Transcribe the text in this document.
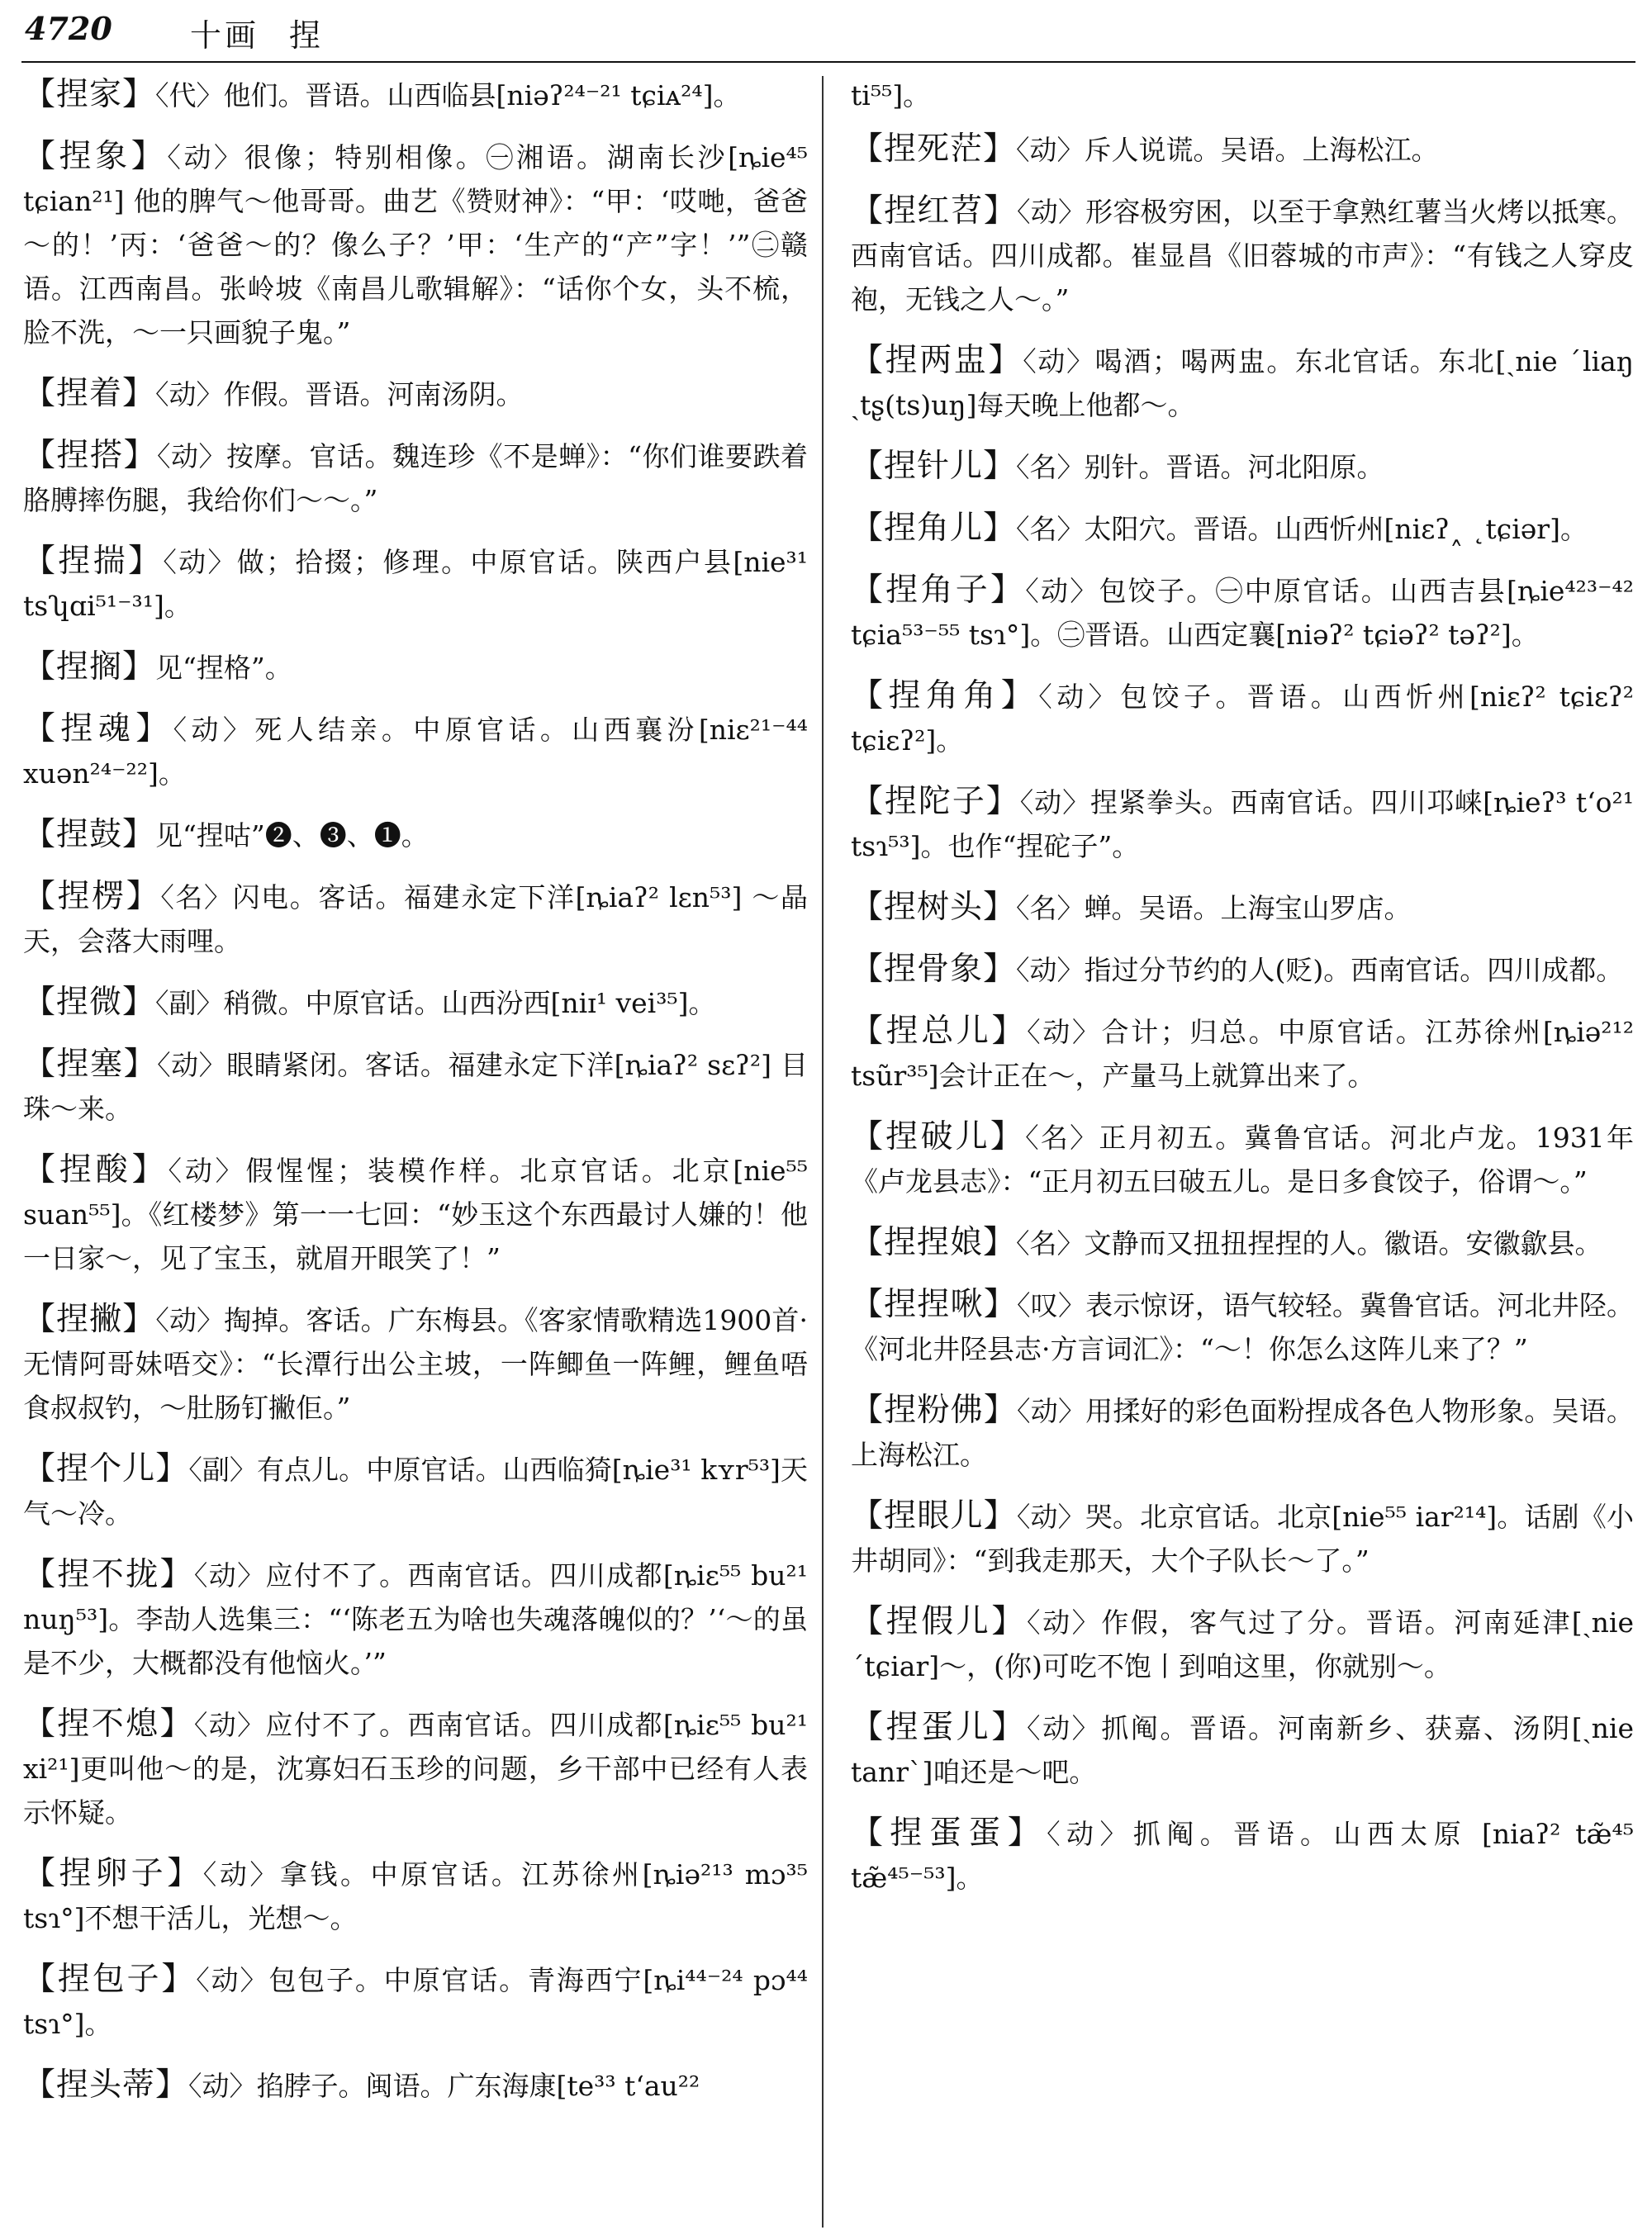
4720 十画 捏

【捏家】〈代〉他们。晋语。山西临县[niəʔ²⁴⁻²¹ tɕiᴀ²⁴]。

【捏象】〈动〉很像；特别相像。㊀湘语。湖南长沙[ȵie⁴⁵ tɕian²¹] 他的脾气～他哥哥。曲艺《赞财神》：“甲：‘哎哋，爸爸～的！’丙：‘爸爸～的？像么子？’甲：‘生产的“产”字！’”㊁赣语。江西南昌。张岭坡《南昌儿歌辑解》：“话你个女，头不梳，脸不洗，～一只画貌子鬼。”

【捏着】〈动〉作假。晋语。河南汤阴。

【捏搭】〈动〉按摩。官话。魏连珍《不是蝉》：“你们谁要跌着胳膊摔伤腿，我给你们～～。”

【捏揣】〈动〉做；拾掇；修理。中原官话。陕西户县[nie³¹ tsʮɑi⁵¹⁻³¹]。

【捏搁】见“捏格”。

【捏魂】〈动〉死人结亲。中原官话。山西襄汾[niɛ²¹⁻⁴⁴ xuən²⁴⁻²²]。

【捏鼓】见“捏咕”❷、❸、❶。

【捏楞】〈名〉闪电。客话。福建永定下洋[ȵiaʔ² lɛn⁵³] ～晶天，会落大雨哩。

【捏微】〈副〉稍微。中原官话。山西汾西[niɪ¹ vei³⁵]。

【捏塞】〈动〉眼睛紧闭。客话。福建永定下洋[ȵiaʔ² sɛʔ²] 目珠～来。

【捏酸】〈动〉假惺惺；装模作样。北京官话。北京[nie⁵⁵ suan⁵⁵]。《红楼梦》第一一七回：“妙玉这个东西最讨人嫌的！他一日家～，见了宝玉，就眉开眼笑了！”

【捏撇】〈动〉掏掉。客话。广东梅县。《客家情歌精选1900首·无情阿哥妹唔交》：“长潭行出公主坡，一阵鲫鱼一阵鲤，鲤鱼唔食叔叔钓，～肚肠钉撇佢。”

【捏个儿】〈副〉有点儿。中原官话。山西临猗[ȵie³¹ kʏr⁵³]天气～冷。

【捏不拢】〈动〉应付不了。西南官话。四川成都[ȵiɛ⁵⁵ bu²¹ nuŋ⁵³]。李劼人选集三：“‘陈老五为啥也失魂落魄似的？’‘～的虽是不少，大概都没有他恼火。’”

【捏不熄】〈动〉应付不了。西南官话。四川成都[ȵiɛ⁵⁵ bu²¹ xi²¹]更叫他～的是，沈寡妇石玉珍的问题，乡干部中已经有人表示怀疑。

【捏卵子】〈动〉拿钱。中原官话。江苏徐州[ȵiə²¹³ mɔ³⁵ tsɿ°]不想干活儿，光想～。

【捏包子】〈动〉包包子。中原官话。青海西宁[ȵi⁴⁴⁻²⁴ pɔ⁴⁴ tsɿ°]。

【捏头蒂】〈动〉掐脖子。闽语。广东海康[te³³ t‘au²²

ti⁵⁵]。

【捏死茫】〈动〉斥人说谎。吴语。上海松江。

【捏红苕】〈动〉形容极穷困，以至于拿熟红薯当火烤以抵寒。西南官话。四川成都。崔显昌《旧蓉城的市声》：“有钱之人穿皮袍，无钱之人～。”

【捏两盅】〈动〉喝酒；喝两盅。东北官话。东北[ˏnie ˊliaŋ ˏtʂ(ts)uŋ]每天晚上他都～。

【捏针儿】〈名〉别针。晋语。河北阳原。

【捏角儿】〈名〉太阳穴。晋语。山西忻州[niɛʔ˰ ˛tɕiər]。

【捏角子】〈动〉包饺子。㊀中原官话。山西吉县[ȵie⁴²³⁻⁴² tɕia⁵³⁻⁵⁵ tsɿ°]。㊁晋语。山西定襄[niəʔ² tɕiəʔ² təʔ²]。

【捏角角】〈动〉包饺子。晋语。山西忻州[niɛʔ² tɕiɛʔ² tɕiɛʔ²]。

【捏陀子】〈动〉捏紧拳头。西南官话。四川邛崃[ȵieʔ³ t‘o²¹ tsɿ⁵³]。也作“捏砣子”。

【捏树头】〈名〉蝉。吴语。上海宝山罗店。

【捏骨象】〈动〉指过分节约的人(贬)。西南官话。四川成都。

【捏总儿】〈动〉合计；归总。中原官话。江苏徐州[ȵiə²¹² tsũr³⁵]会计正在～，产量马上就算出来了。

【捏破儿】〈名〉正月初五。冀鲁官话。河北卢龙。1931年《卢龙县志》：“正月初五曰破五儿。是日多食饺子，俗谓～。”

【捏捏娘】〈名〉文静而又扭扭捏捏的人。徽语。安徽歙县。

【捏捏啾】〈叹〉表示惊讶，语气较轻。冀鲁官话。河北井陉。《河北井陉县志·方言词汇》：“～！你怎么这阵儿来了？”

【捏粉佛】〈动〉用揉好的彩色面粉捏成各色人物形象。吴语。上海松江。

【捏眼儿】〈动〉哭。北京官话。北京[nie⁵⁵ iar²¹⁴]。话剧《小井胡同》：“到我走那天，大个子队长～了。”

【捏假儿】〈动〉作假，客气过了分。晋语。河南延津[ˏnie ˊtɕiar]～，(你)可吃不饱丨到咱这里，你就别～。

【捏蛋儿】〈动〉抓阄。晋语。河南新乡、获嘉、汤阴[ˏnie tanrˋ]咱还是～吧。

【捏蛋蛋】〈动〉抓阄。晋语。山西太原 [niaʔ² tæ̃⁴⁵ tæ̃⁴⁵⁻⁵³]。
